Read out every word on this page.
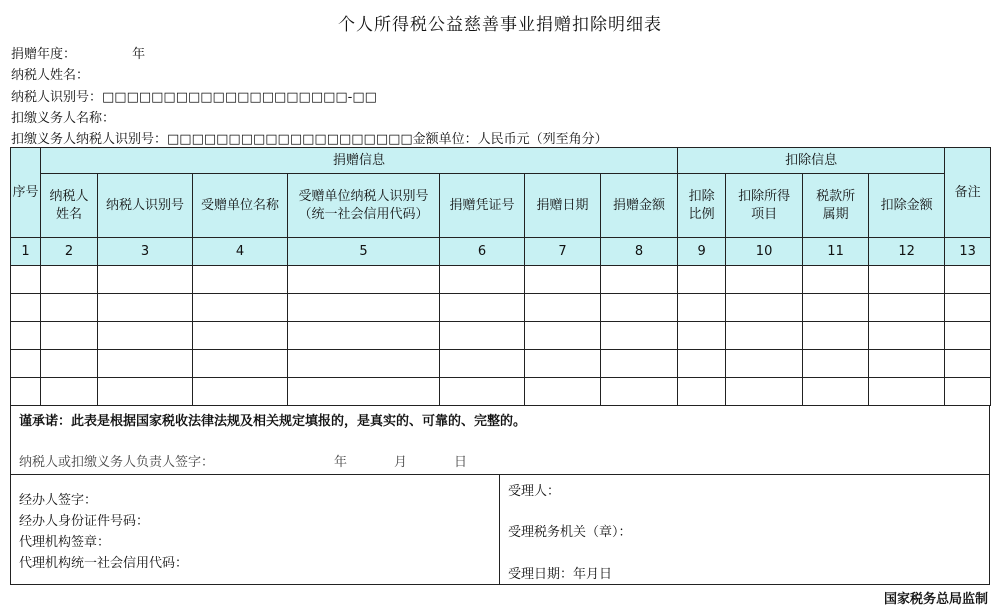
个人所得税公益慈善事业捐赠扣除明细表
捐赠年度：	年
纳税人姓名：
纳税人识别号：□□□□□□□□□□□□□□□□□□□□-□□
扣缴义务人名称：
扣缴义务人纳税人识别号：□□□□□□□□□□□□□□□□□□□□金额单位：人民币元（列至角分）
序号	捐赠信息							扣除信息				备注
	纳税人姓名	纳税人识别号	受赠单位名称	受赠单位纳税人识别号（统一社会信用代码）	捐赠凭证号	捐赠日期	捐赠金额	扣除比例	扣除所得项目	税款所属期	扣除金额	
1	2	3	4	5	6	7	8	9	10	11	12	13

谨承诺：此表是根据国家税收法律法规及相关规定填报的，是真实的、可靠的、完整的。
纳税人或扣缴义务人负责人签字：	年	月	日
经办人签字：
经办人身份证件号码：
代理机构签章：
代理机构统一社会信用代码：
受理人：
受理税务机关（章）：
受理日期：年月日
国家税务总局监制
